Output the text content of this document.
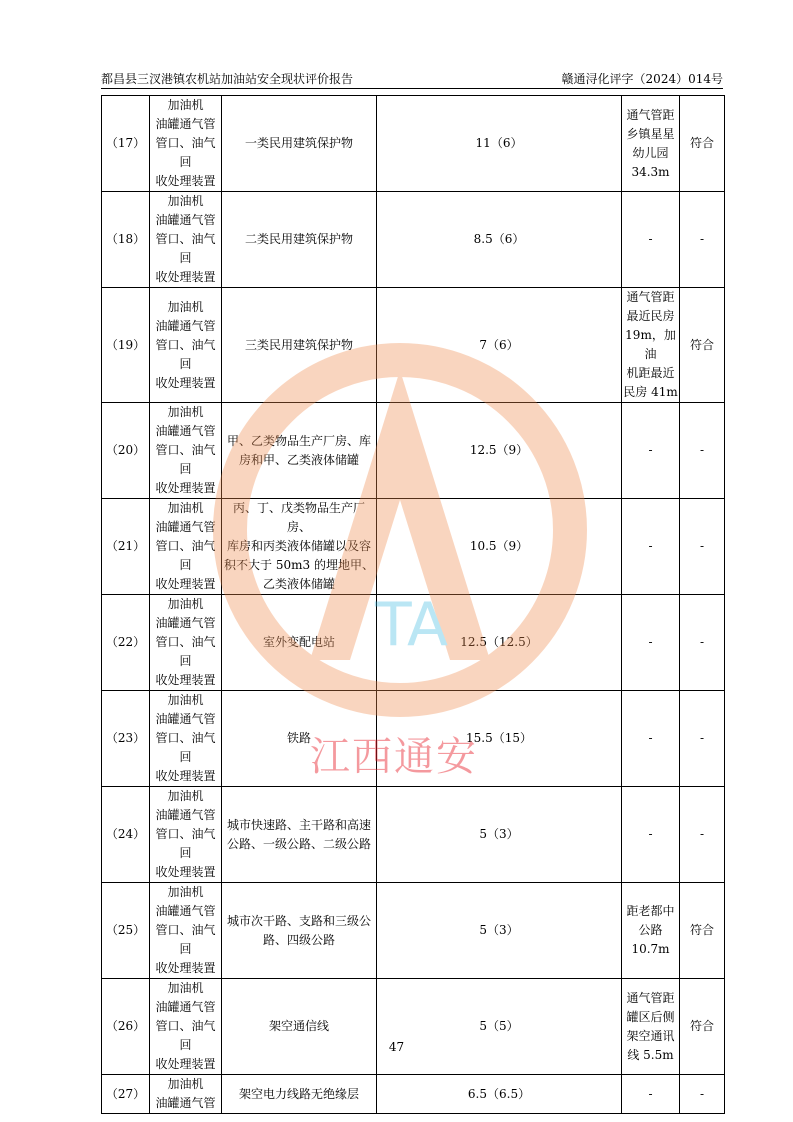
都昌县三汊港镇农机站加油站安全现状评价报告	赣通浔化评字（2024）014号
（17）	加油机
油罐通气管
管口、油气回
收处理装置	一类民用建筑保护物	11（6）	通气管距
乡镇星星
幼儿园
34.3m	符合
（18）	加油机
油罐通气管
管口、油气回
收处理装置	二类民用建筑保护物	8.5（6）	-	-
（19）	加油机
油罐通气管
管口、油气回
收处理装置	三类民用建筑保护物	7（6）	通气管距
最近民房
19m，加油
机距最近
民房 41m	符合
（20）	加油机
油罐通气管
管口、油气回
收处理装置	甲、乙类物品生产厂房、库
房和甲、乙类液体储罐	12.5（9）	-	-
（21）	加油机
油罐通气管
管口、油气回
收处理装置	丙、丁、戊类物品生产厂房、
库房和丙类液体储罐以及容
积不大于 50m3 的埋地甲、
乙类液体储罐	10.5（9）	-	-
（22）	加油机
油罐通气管
管口、油气回
收处理装置	室外变配电站	12.5（12.5）	-	-
（23）	加油机
油罐通气管
管口、油气回
收处理装置	铁路	15.5（15）	-	-
（24）	加油机
油罐通气管
管口、油气回
收处理装置	城市快速路、主干路和高速
公路、一级公路、二级公路	5（3）	-	-
（25）	加油机
油罐通气管
管口、油气回
收处理装置	城市次干路、支路和三级公
路、四级公路	5（3）	距老都中
公路
10.7m	符合
（26）	加油机
油罐通气管
管口、油气回
收处理装置	架空通信线	5（5）	通气管距
罐区后侧
架空通讯
线 5.5m	符合
（27）	加油机
油罐通气管	架空电力线路无绝缘层	6.5（6.5）	-	-
TA
江西通安
47
